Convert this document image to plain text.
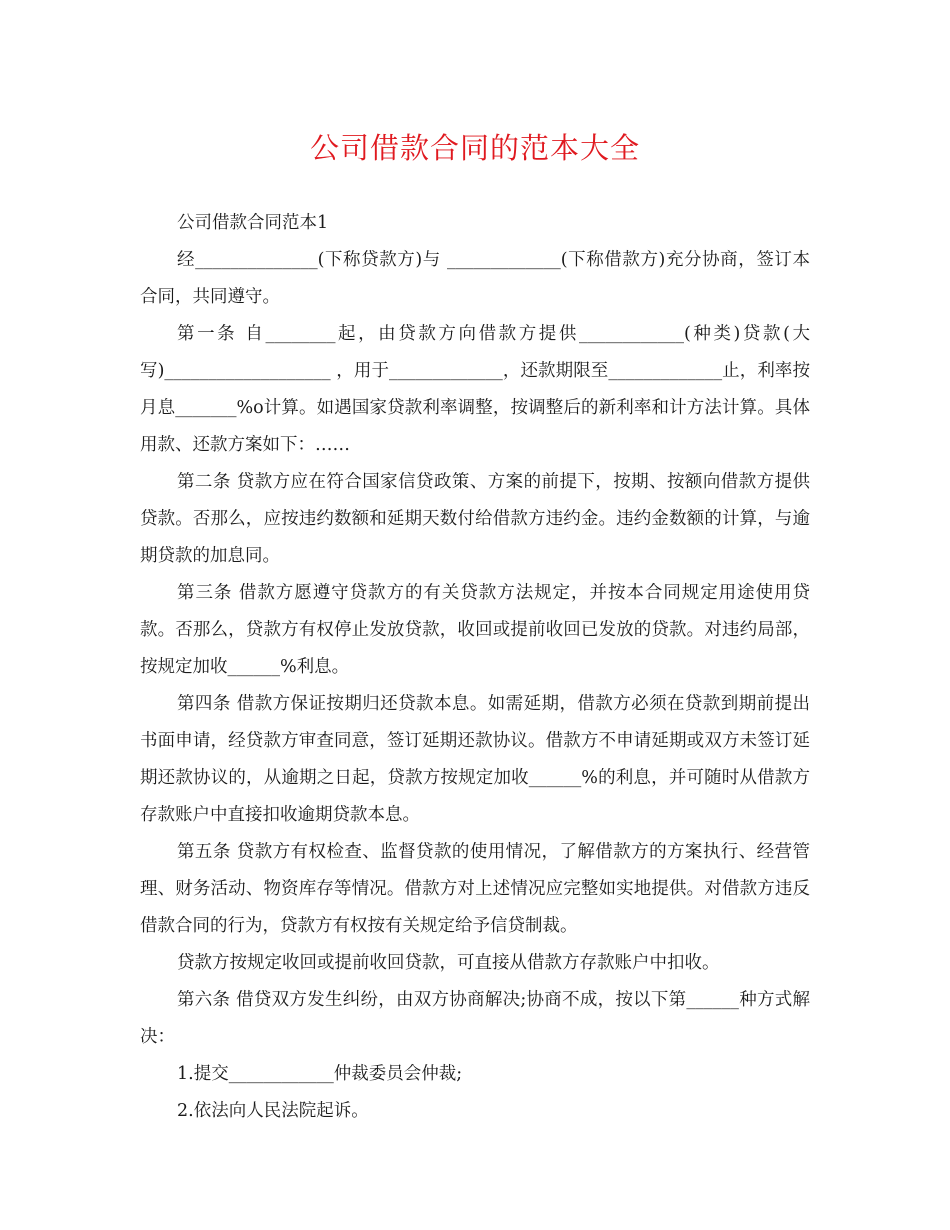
公司借款合同的范本大全

公司借款合同范本1

经______________(下称贷款方)与 _____________(下称借款方)充分协商，签订本合同，共同遵守。

第一条 自________起，由贷款方向借款方提供____________(种类)贷款(大写)___________________ ，用于_____________，还款期限至_____________止，利率按月息_______%o计算。如遇国家贷款利率调整，按调整后的新利率和计方法计算。具体用款、还款方案如下：……

第二条 贷款方应在符合国家信贷政策、方案的前提下，按期、按额向借款方提供贷款。否那么，应按违约数额和延期天数付给借款方违约金。违约金数额的计算，与逾期贷款的加息同。

第三条 借款方愿遵守贷款方的有关贷款方法规定，并按本合同规定用途使用贷款。否那么，贷款方有权停止发放贷款，收回或提前收回已发放的贷款。对违约局部，按规定加收______%利息。

第四条 借款方保证按期归还贷款本息。如需延期，借款方必须在贷款到期前提出书面申请，经贷款方审查同意，签订延期还款协议。借款方不申请延期或双方未签订延期还款协议的，从逾期之日起，贷款方按规定加收______%的利息，并可随时从借款方存款账户中直接扣收逾期贷款本息。

第五条 贷款方有权检查、监督贷款的使用情况，了解借款方的方案执行、经营管理、财务活动、物资库存等情况。借款方对上述情况应完整如实地提供。对借款方违反借款合同的行为，贷款方有权按有关规定给予信贷制裁。

贷款方按规定收回或提前收回贷款，可直接从借款方存款账户中扣收。

第六条 借贷双方发生纠纷，由双方协商解决;协商不成，按以下第______种方式解决：

1.提交____________仲裁委员会仲裁;

2.依法向人民法院起诉。
